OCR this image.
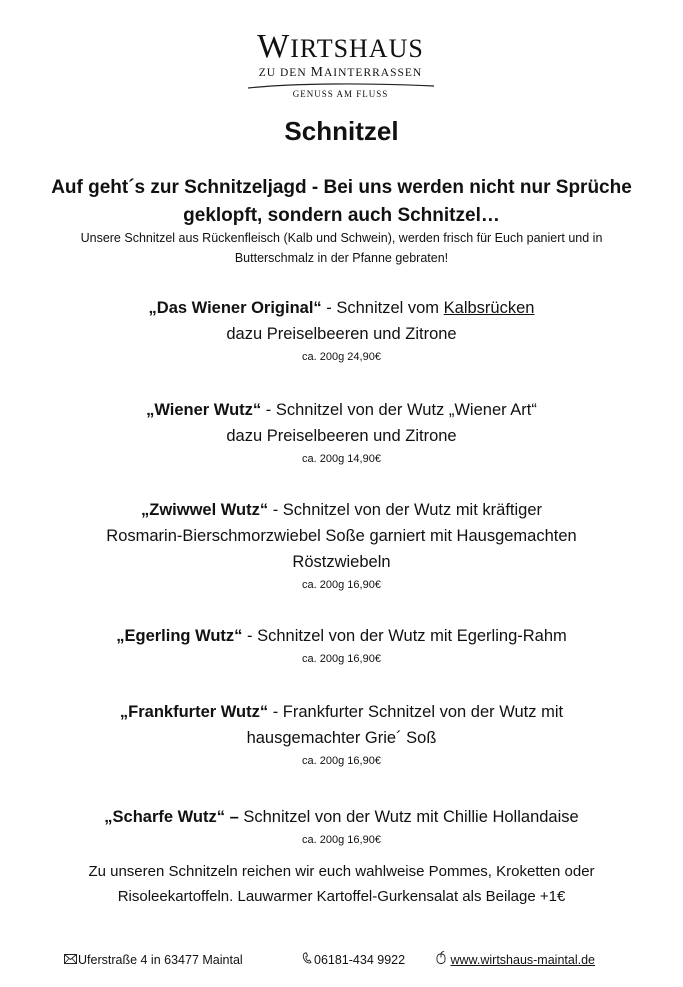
WIRTSHAUS
ZU DEN MAINTERRASSEN
GENUSS AM FLUSS
Schnitzel
Auf geht´s zur Schnitzeljagd - Bei uns werden nicht nur Sprüche geklopft, sondern auch Schnitzel…
Unsere Schnitzel aus Rückenfleisch (Kalb und Schwein), werden frisch für Euch paniert und in Butterschmalz in der Pfanne gebraten!
„Das Wiener Original“ - Schnitzel vom Kalbsrücken
dazu Preiselbeeren und Zitrone
ca. 200g 24,90€
„Wiener Wutz“ - Schnitzel von der Wutz „Wiener Art“
dazu Preiselbeeren und Zitrone
ca. 200g 14,90€
„Zwiwwel Wutz“ - Schnitzel von der Wutz mit kräftiger
Rosmarin-Bierschmorzwiebel Soße garniert mit Hausgemachten
Röstzwiebeln
ca. 200g 16,90€
„Egerling Wutz“ - Schnitzel von der Wutz mit Egerling-Rahm
ca. 200g 16,90€
„Frankfurter Wutz“ - Frankfurter Schnitzel von der Wutz mit
hausgemachter Grie´ Soß
ca. 200g 16,90€
„Scharfe Wutz“ – Schnitzel von der Wutz mit Chillie Hollandaise
ca. 200g 16,90€
Zu unseren Schnitzeln reichen wir euch wahlweise Pommes, Kroketten oder
Risoleekartoffeln. Lauwarmer Kartoffel-Gurkensalat als Beilage +1€
Uferstraße 4 in 63477 Maintal	06181-434 9922	www.wirtshaus-maintal.de
